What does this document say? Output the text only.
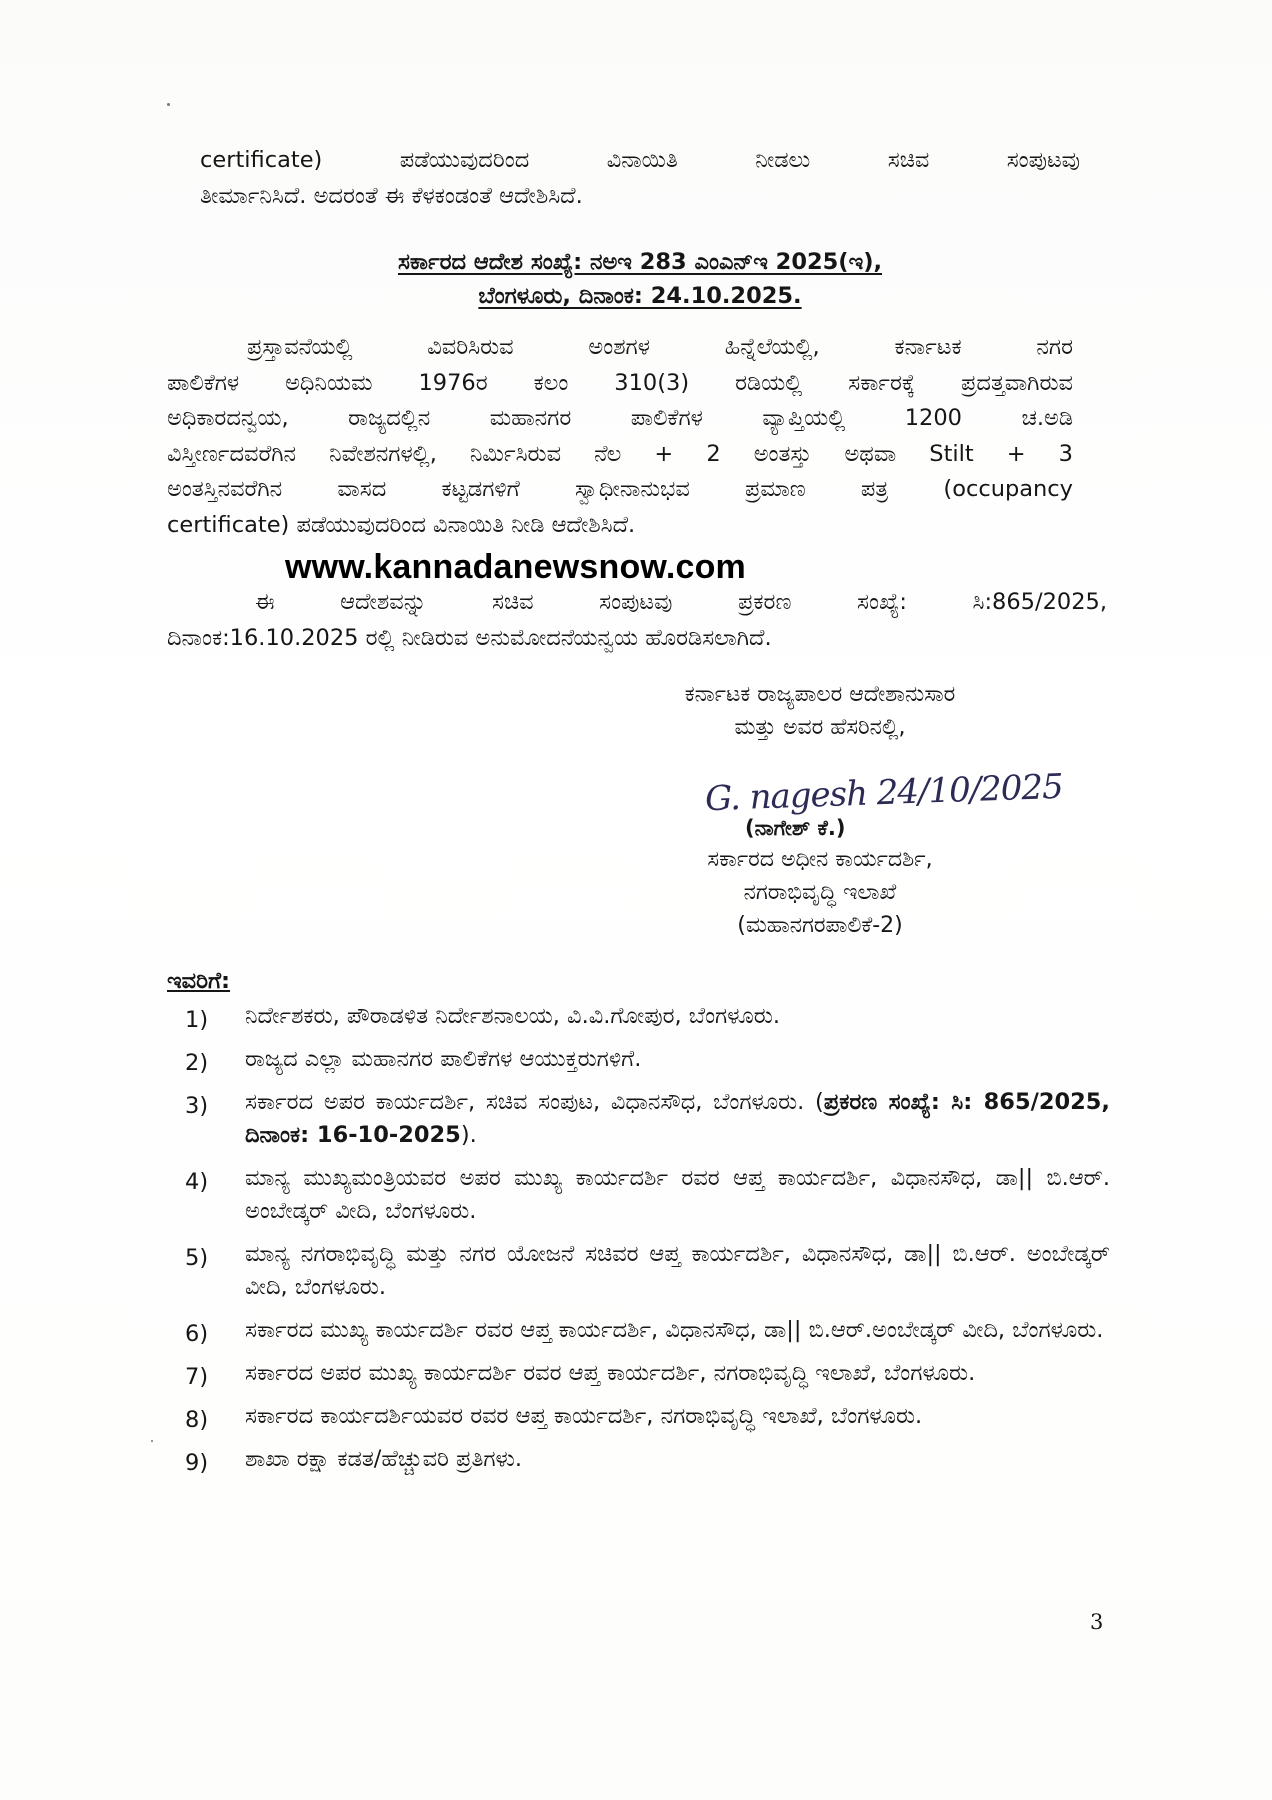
certificate) ಪಡೆಯುವುದರಿಂದ ವಿನಾಯಿತಿ ನೀಡಲು ಸಚಿವ ಸಂಪುಟವು

ತೀರ್ಮಾನಿಸಿದೆ. ಅದರಂತೆ ಈ ಕೆಳಕಂಡಂತೆ ಆದೇಶಿಸಿದೆ.

ಸರ್ಕಾರದ ಆದೇಶ ಸಂಖ್ಯೆ: ನಅಇ 283 ಎಂಎನ್ಇ 2025(ಇ),

ಬೆಂಗಳೂರು, ದಿನಾಂಕ: 24.10.2025.

ಪ್ರಸ್ತಾವನೆಯಲ್ಲಿ ವಿವರಿಸಿರುವ ಅಂಶಗಳ ಹಿನ್ನೆಲೆಯಲ್ಲಿ, ಕರ್ನಾಟಕ ನಗರ

ಪಾಲಿಕೆಗಳ ಅಧಿನಿಯಮ 1976ರ ಕಲಂ 310(3) ರಡಿಯಲ್ಲಿ ಸರ್ಕಾರಕ್ಕೆ ಪ್ರದತ್ತವಾಗಿರುವ

ಅಧಿಕಾರದನ್ವಯ, ರಾಜ್ಯದಲ್ಲಿನ ಮಹಾನಗರ ಪಾಲಿಕೆಗಳ ವ್ಯಾಪ್ತಿಯಲ್ಲಿ 1200 ಚ.ಅಡಿ

ವಿಸ್ತೀರ್ಣದವರೆಗಿನ ನಿವೇಶನಗಳಲ್ಲಿ, ನಿರ್ಮಿಸಿರುವ ನೆಲ + 2 ಅಂತಸ್ತು ಅಥವಾ Stilt + 3

ಅಂತಸ್ತಿನವರೆಗಿನ ವಾಸದ ಕಟ್ಟಡಗಳಿಗೆ ಸ್ವಾಧೀನಾನುಭವ ಪ್ರಮಾಣ ಪತ್ರ (occupancy

certificate) ಪಡೆಯುವುದರಿಂದ ವಿನಾಯಿತಿ ನೀಡಿ ಆದೇಶಿಸಿದೆ.

www.kannadanewsnow.com

ಈ ಆದೇಶವನ್ನು ಸಚಿವ ಸಂಪುಟವು ಪ್ರಕರಣ ಸಂಖ್ಯೆ: ಸಿ:865/2025,

ದಿನಾಂಕ:16.10.2025 ರಲ್ಲಿ ನೀಡಿರುವ ಅನುಮೋದನೆಯನ್ವಯ ಹೊರಡಿಸಲಾಗಿದೆ.

ಕರ್ನಾಟಕ ರಾಜ್ಯಪಾಲರ ಆದೇಶಾನುಸಾರ
ಮತ್ತು ಅವರ ಹೆಸರಿನಲ್ಲಿ,
G. nagesh 24/10/2025
(ನಾಗೇಶ್ ಕೆ.)
ಸರ್ಕಾರದ ಅಧೀನ ಕಾರ್ಯದರ್ಶಿ,
ನಗರಾಭಿವೃದ್ಧಿ ಇಲಾಖೆ
(ಮಹಾನಗರಪಾಲಿಕೆ-2)
ಇವರಿಗೆ:
1) ನಿರ್ದೇಶಕರು, ಪೌರಾಡಳಿತ ನಿರ್ದೇಶನಾಲಯ, ವಿ.ವಿ.ಗೋಪುರ, ಬೆಂಗಳೂರು.
2) ರಾಜ್ಯದ ಎಲ್ಲಾ ಮಹಾನಗರ ಪಾಲಿಕೆಗಳ ಆಯುಕ್ತರುಗಳಿಗೆ.
3) ಸರ್ಕಾರದ ಅಪರ ಕಾರ್ಯದರ್ಶಿ, ಸಚಿವ ಸಂಪುಟ, ವಿಧಾನಸೌಧ, ಬೆಂಗಳೂರು. (ಪ್ರಕರಣ ಸಂಖ್ಯೆ: ಸಿ: 865/2025, ದಿನಾಂಕ: 16-10-2025).
4) ಮಾನ್ಯ ಮುಖ್ಯಮಂತ್ರಿಯವರ ಅಪರ ಮುಖ್ಯ ಕಾರ್ಯದರ್ಶಿ ರವರ ಆಪ್ತ ಕಾರ್ಯದರ್ಶಿ, ವಿಧಾನಸೌಧ, ಡಾ|| ಬಿ.ಆರ್. ಅಂಬೇಡ್ಕರ್ ವೀದಿ, ಬೆಂಗಳೂರು.
5) ಮಾನ್ಯ ನಗರಾಭಿವೃದ್ಧಿ ಮತ್ತು ನಗರ ಯೋಜನೆ ಸಚಿವರ ಆಪ್ತ ಕಾರ್ಯದರ್ಶಿ, ವಿಧಾನಸೌಧ, ಡಾ|| ಬಿ.ಆರ್. ಅಂಬೇಡ್ಕರ್ ವೀದಿ, ಬೆಂಗಳೂರು.
6) ಸರ್ಕಾರದ ಮುಖ್ಯ ಕಾರ್ಯದರ್ಶಿ ರವರ ಆಪ್ತ ಕಾರ್ಯದರ್ಶಿ, ವಿಧಾನಸೌಧ, ಡಾ|| ಬಿ.ಆರ್.ಅಂಬೇಡ್ಕರ್ ವೀದಿ, ಬೆಂಗಳೂರು.
7) ಸರ್ಕಾರದ ಅಪರ ಮುಖ್ಯ ಕಾರ್ಯದರ್ಶಿ ರವರ ಆಪ್ತ ಕಾರ್ಯದರ್ಶಿ, ನಗರಾಭಿವೃದ್ಧಿ ಇಲಾಖೆ, ಬೆಂಗಳೂರು.
8) ಸರ್ಕಾರದ ಕಾರ್ಯದರ್ಶಿಯವರ ರವರ ಆಪ್ತ ಕಾರ್ಯದರ್ಶಿ, ನಗರಾಭಿವೃದ್ಧಿ ಇಲಾಖೆ, ಬೆಂಗಳೂರು.
9) ಶಾಖಾ ರಕ್ಷಾ ಕಡತ/ಹೆಚ್ಚುವರಿ ಪ್ರತಿಗಳು.
3
